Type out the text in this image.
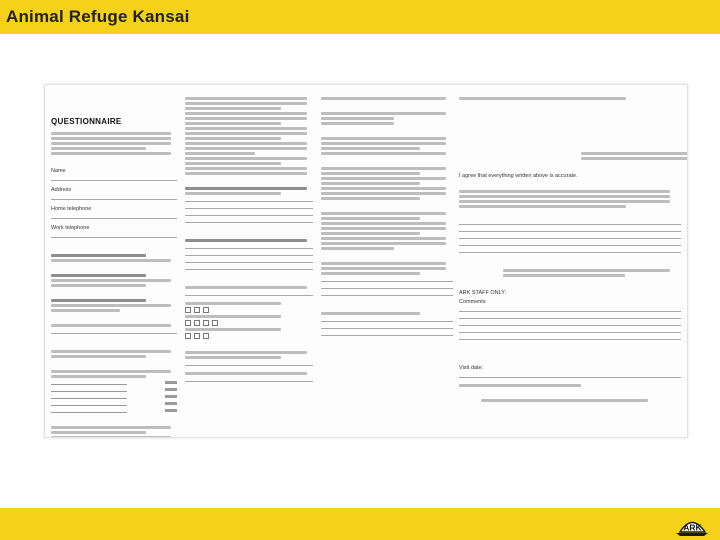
Animal Refuge Kansai
QUESTIONNAIRE
Name
Address
Home telephone
Work telephone
I agree that everything written above is accurate.
ARK STAFF ONLY:
Comments
Visit date:
ARK
